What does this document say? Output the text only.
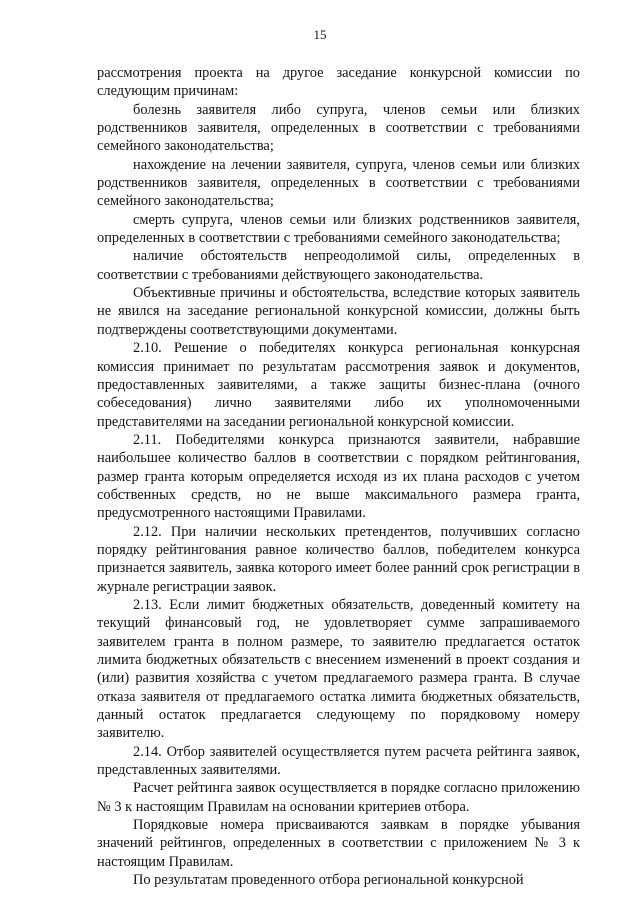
15

рассмотрения проекта на другое заседание конкурсной комиссии по следующим причинам:

болезнь заявителя либо супруга, членов семьи или близких родственников заявителя, определенных в соответствии с требованиями семейного законодательства;

нахождение на лечении заявителя, супруга, членов семьи или близких родственников заявителя, определенных в соответствии с требованиями семейного законодательства;

смерть супруга, членов семьи или близких родственников заявителя, определенных в соответствии с требованиями семейного законодательства;

наличие обстоятельств непреодолимой силы, определенных в соответствии с требованиями действующего законодательства.

Объективные причины и обстоятельства, вследствие которых заявитель не явился на заседание региональной конкурсной комиссии, должны быть подтверждены соответствующими документами.

2.10. Решение о победителях конкурса региональная конкурсная комиссия принимает по результатам рассмотрения заявок и документов, предоставленных заявителями, а также защиты бизнес-плана (очного собеседования) лично заявителями либо их уполномоченными представителями на заседании региональной конкурсной комиссии.

2.11. Победителями конкурса признаются заявители, набравшие наибольшее количество баллов в соответствии с порядком рейтингования, размер гранта которым определяется исходя из их плана расходов с учетом собственных средств, но не выше максимального размера гранта, предусмотренного настоящими Правилами.

2.12. При наличии нескольких претендентов, получивших согласно порядку рейтингования равное количество баллов, победителем конкурса признается заявитель, заявка которого имеет более ранний срок регистрации в журнале регистрации заявок.

2.13. Если лимит бюджетных обязательств, доведенный комитету на текущий финансовый год, не удовлетворяет сумме запрашиваемого заявителем гранта в полном размере, то заявителю предлагается остаток лимита бюджетных обязательств с внесением изменений в проект создания и (или) развития хозяйства с учетом предлагаемого размера гранта. В случае отказа заявителя от предлагаемого остатка лимита бюджетных обязательств, данный остаток предлагается следующему по порядковому номеру заявителю.

2.14. Отбор заявителей осуществляется путем расчета рейтинга заявок, представленных заявителями.

Расчет рейтинга заявок осуществляется в порядке согласно приложению № 3 к настоящим Правилам на основании критериев отбора.

Порядковые номера присваиваются заявкам в порядке убывания значений рейтингов, определенных в соответствии с приложением № 3 к настоящим Правилам.

По результатам проведенного отбора региональной конкурсной
